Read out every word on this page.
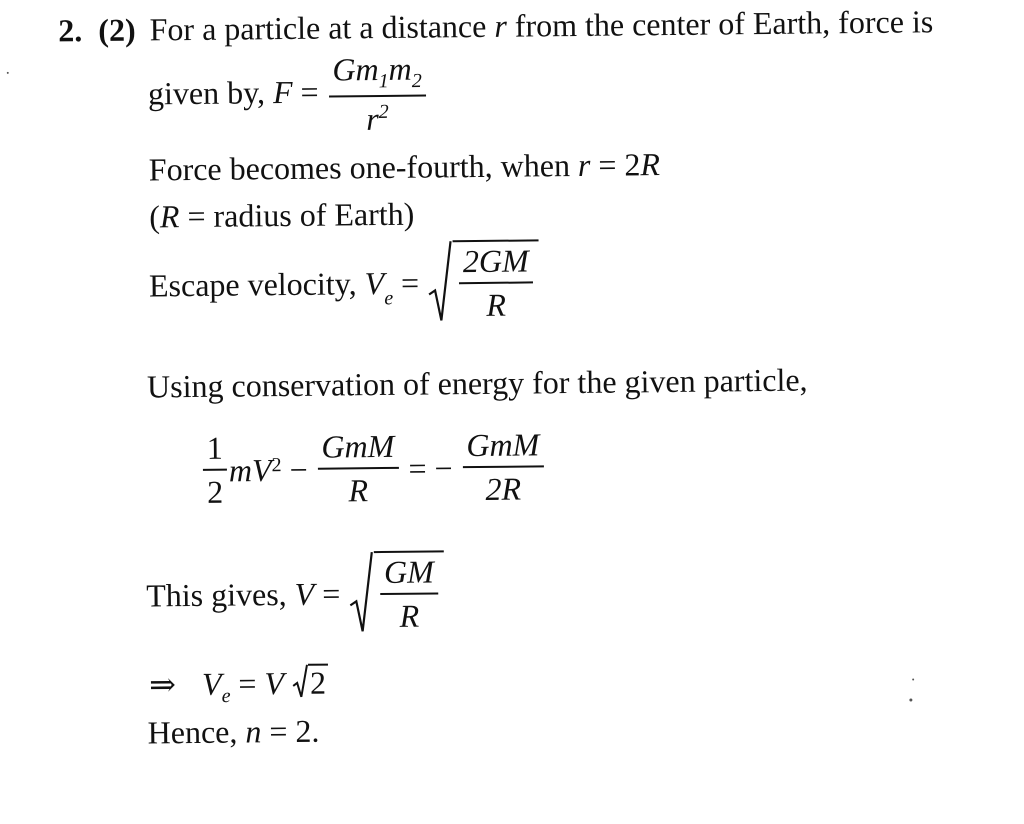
2. (2) For a particle at a distance r from the center of Earth, force is
given by, $F = \frac{Gm_1m_2}{r^2}$
Force becomes one-fourth, when r = 2R
(R = radius of Earth)
Escape velocity, $V_e = \frac{2GM}{R}$
Using conservation of energy for the given particle,
$\frac{1}{2} mV^2 - \frac{\text{GmM}}{R}$ = − $\frac{\text{GmM}}{2R}$
This gives, $V = \frac{GM}{R}$
⇒ $V_e = V$ 2
Hence, n = 2.
